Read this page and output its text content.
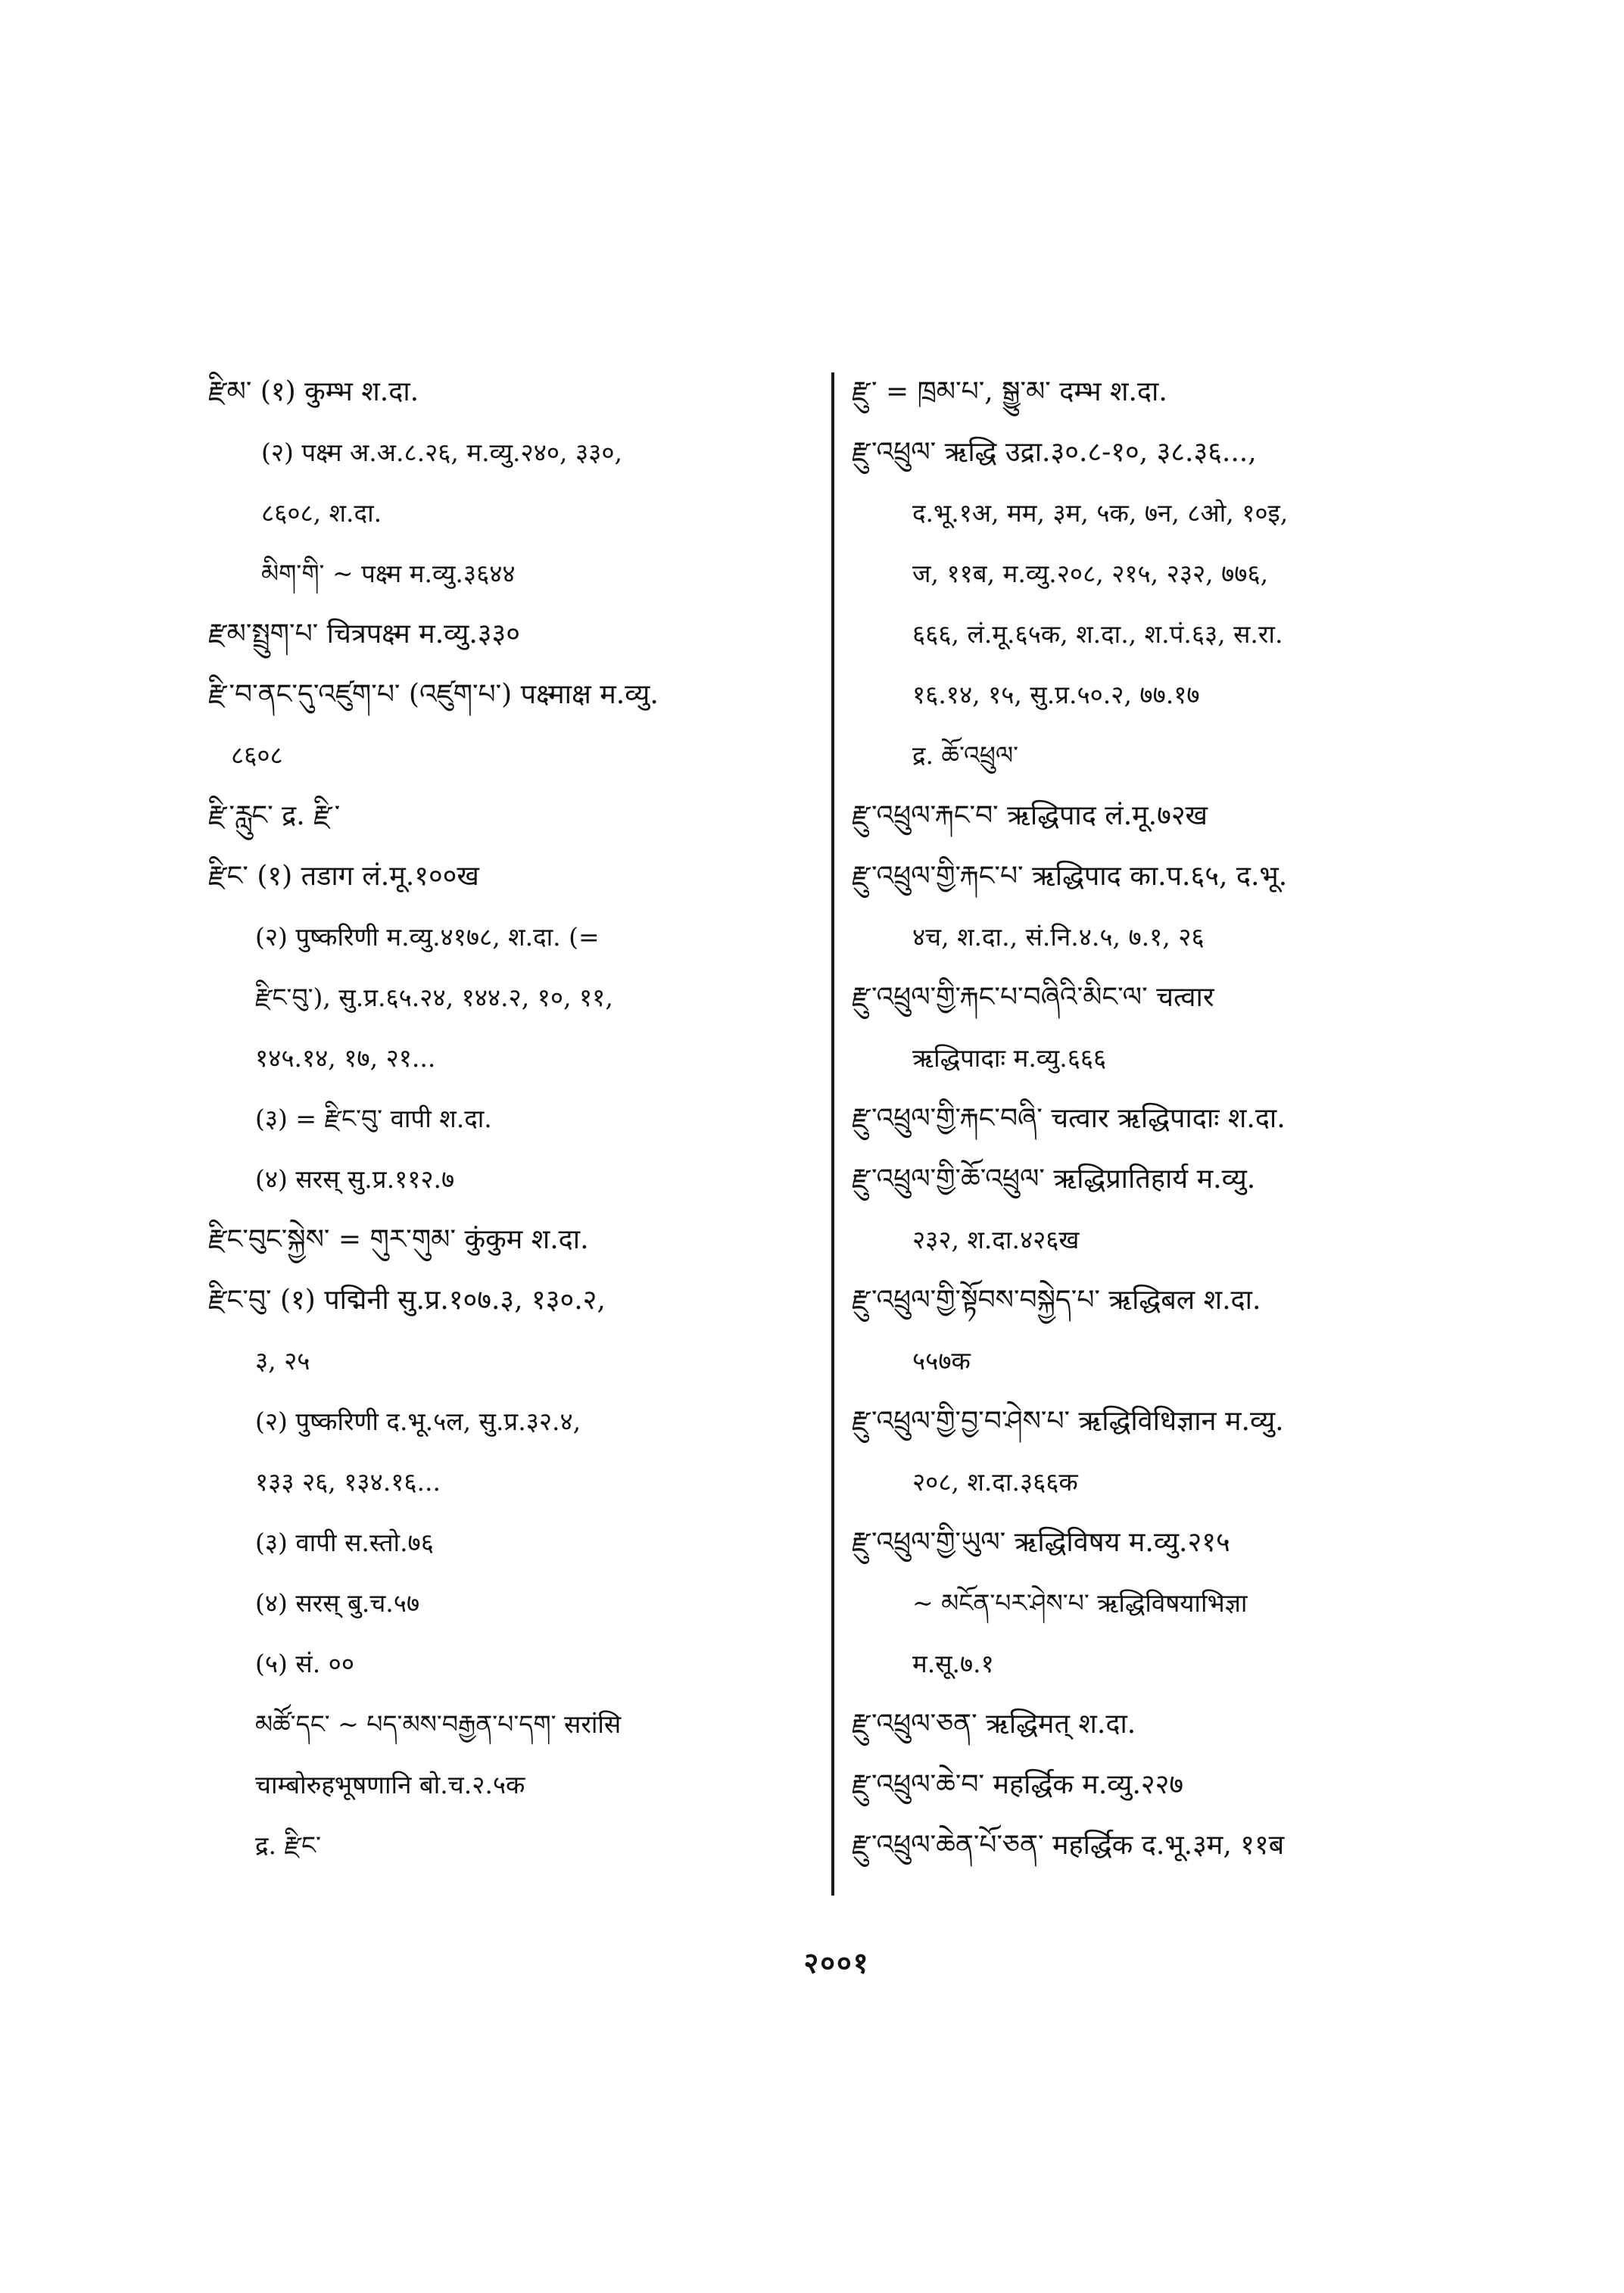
རྫིམ་ (१) कुम्भ श.दा.
(२) पक्ष्म अ.अ.८.२६, म.व्यु.२४०, ३३०,
८६०८, श.दा.
མིག་གི་ ~ पक्ष्म म.व्यु.३६४४
རྫམ་སྤྲུག་པ་ चित्रपक्ष्म म.व्यु.३३०
རྫི་བ་ནང་དུ་འཛུག་པ་ (འཛུག་པ་) पक्ष्माक्ष म.व्यु.
८६०८
རྫི་རླུང་ द्र. རྫི་
རྫིང་ (१) तडाग लं.मू.१००ख
(२) पुष्करिणी म.व्यु.४१७८, श.दा. (=
རྫིང་བུ་), सु.प्र.६५.२४, १४४.२, १०, ११,
१४५.१४, १७, २१...
(३) = རྫིང་བུ་ वापी श.दा.
(४) सरस् सु.प्र.११२.७
རྫིང་བུང་སྐྱེས་ = གུར་གུམ་ कुंकुम श.दा.
རྫིང་བུ་ (१) पद्मिनी सु.प्र.१०७.३, १३०.२,
३, २५
(२) पुष्करिणी द.भू.५ल, सु.प्र.३२.४,
१३३ २६, १३४.१६...
(३) वापी स.स्तो.७६
(४) सरस् बु.च.५७
(५) सं. ००
མཚོ་དང་ ~ པད་མས་བརྒྱན་པ་དག་ सरांसि
चाम्बोरुहभूषणानि बो.च.२.५क
द्र. རྫིང་
རྫུ་ = ཁྲམ་པ་, སྒྱུ་མ་ दम्भ श.दा.
རྫུ་འཕྲུལ་ ऋद्धि उद्रा.३०.८-१०, ३८.३६...,
द.भू.१अ, मम, ३म, ५क, ७न, ८ओ, १०इ,
ज, ११ब, म.व्यु.२०८, २१५, २३२, ७७६,
६६६, लं.मू.६५क, श.दा., श.पं.६३, स.रा.
१६.१४, १५, सु.प्र.५०.२, ७७.१७
द्र. ཆོ་འཕྲུལ་
རྫུ་འཕྲུལ་རྐང་བ་ ऋद्धिपाद लं.मू.७२ख
རྫུ་འཕྲུལ་གྱི་རྐང་པ་ ऋद्धिपाद का.प.६५, द.भू.
४च, श.दा., सं.नि.४.५, ७.१, २६
རྫུ་འཕྲུལ་གྱི་རྐང་པ་བཞིའི་མིང་ལ་ चत्वार
ऋद्धिपादाः म.व्यु.६६६
རྫུ་འཕྲུལ་གྱི་རྐང་བཞི་ चत्वार ऋद्धिपादाः श.दा.
རྫུ་འཕྲུལ་གྱི་ཆོ་འཕྲུལ་ ऋद्धिप्रातिहार्य म.व्यु.
२३२, श.दा.४२६ख
རྫུ་འཕྲུལ་གྱི་སྟོབས་བསྐྱེད་པ་ ऋद्धिबल श.दा.
५५७क
རྫུ་འཕྲུལ་གྱི་བྱ་བ་ཤེས་པ་ ऋद्धिविधिज्ञान म.व्यु.
२०८, श.दा.३६६क
རྫུ་འཕྲུལ་གྱི་ཡུལ་ ऋद्धिविषय म.व्यु.२१५
~ མངོན་པར་ཤེས་པ་ ऋद्धिविषयाभिज्ञा
म.सू.७.१
རྫུ་འཕྲུལ་ཅན་ ऋद्धिमत् श.दा.
རྫུ་འཕྲུལ་ཆེ་བ་ महर्द्धिक म.व्यु.२२७
རྫུ་འཕྲུལ་ཆེན་པོ་ཅན་ महर्द्धिक द.भू.३म, ११ब
२००१
